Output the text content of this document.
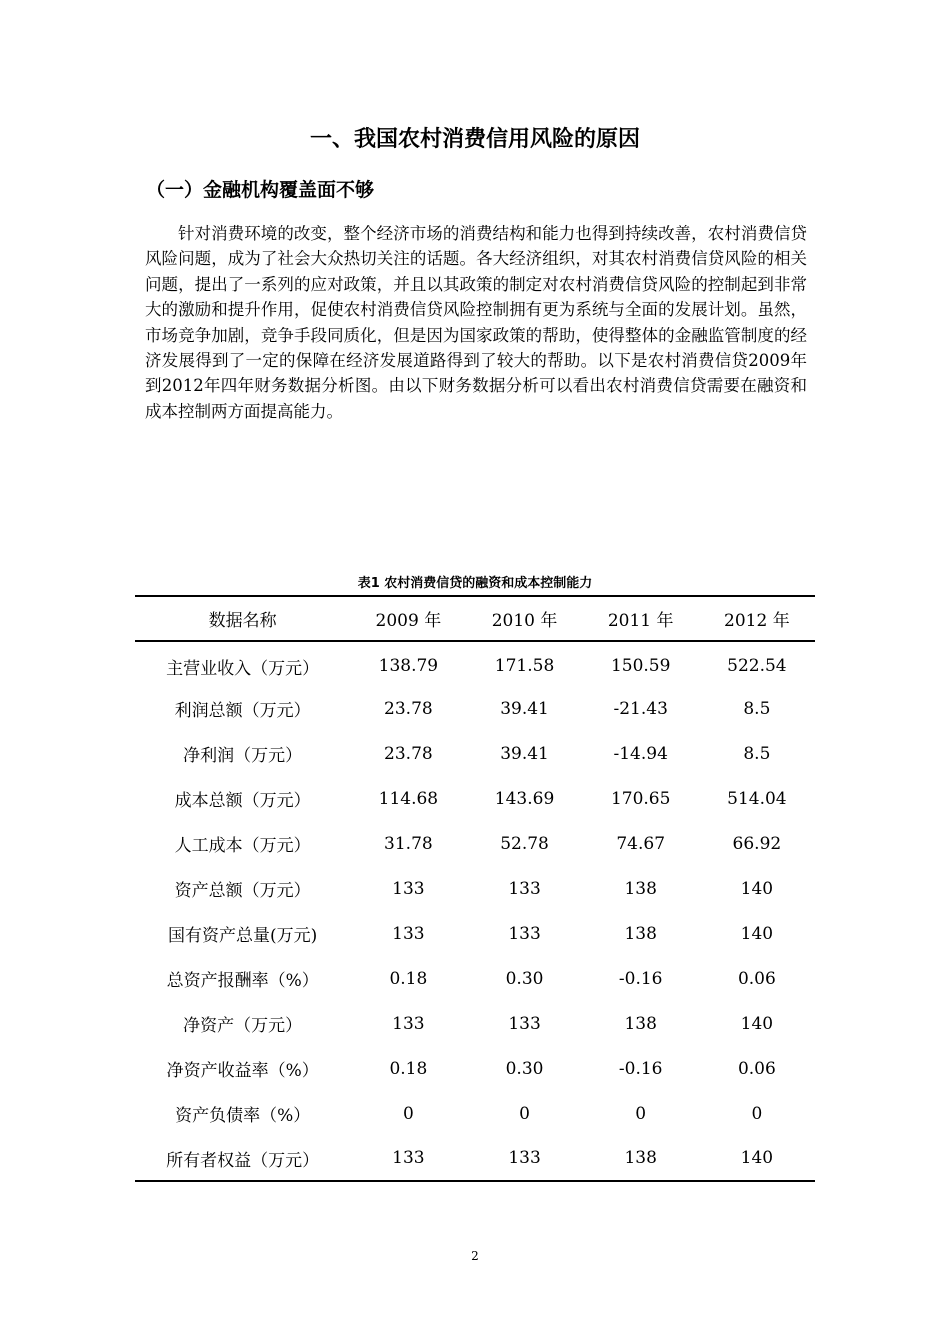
一、我国农村消费信用风险的原因
（一）金融机构覆盖面不够

针对消费环境的改变，整个经济市场的消费结构和能力也得到持续改善，农村消费信贷风险问题，成为了社会大众热切关注的话题。各大经济组织，对其农村消费信贷风险的相关问题，提出了一系列的应对政策，并且以其政策的制定对农村消费信贷风险的控制起到非常大的激励和提升作用，促使农村消费信贷风险控制拥有更为系统与全面的发展计划。虽然，市场竞争加剧，竞争手段同质化，但是因为国家政策的帮助，使得整体的金融监管制度的经济发展得到了一定的保障在经济发展道路得到了较大的帮助。以下是农村消费信贷2009年到2012年四年财务数据分析图。由以下财务数据分析可以看出农村消费信贷需要在融资和成本控制两方面提高能力。

表1 农村消费信贷的融资和成本控制能力
数据名称	2009 年	2010 年	2011 年	2012 年
主营业收入（万元）	138.79	171.58	150.59	522.54
利润总额（万元）	23.78	39.41	-21.43	8.5
净利润（万元）	23.78	39.41	-14.94	8.5
成本总额（万元）	114.68	143.69	170.65	514.04
人工成本（万元）	31.78	52.78	74.67	66.92
资产总额（万元）	133	133	138	140
国有资产总量(万元)	133	133	138	140
总资产报酬率（%）	0.18	0.30	-0.16	0.06
净资产（万元）	133	133	138	140
净资产收益率（%）	0.18	0.30	-0.16	0.06
资产负债率（%）	0	0	0	0
所有者权益（万元）	133	133	138	140
2
